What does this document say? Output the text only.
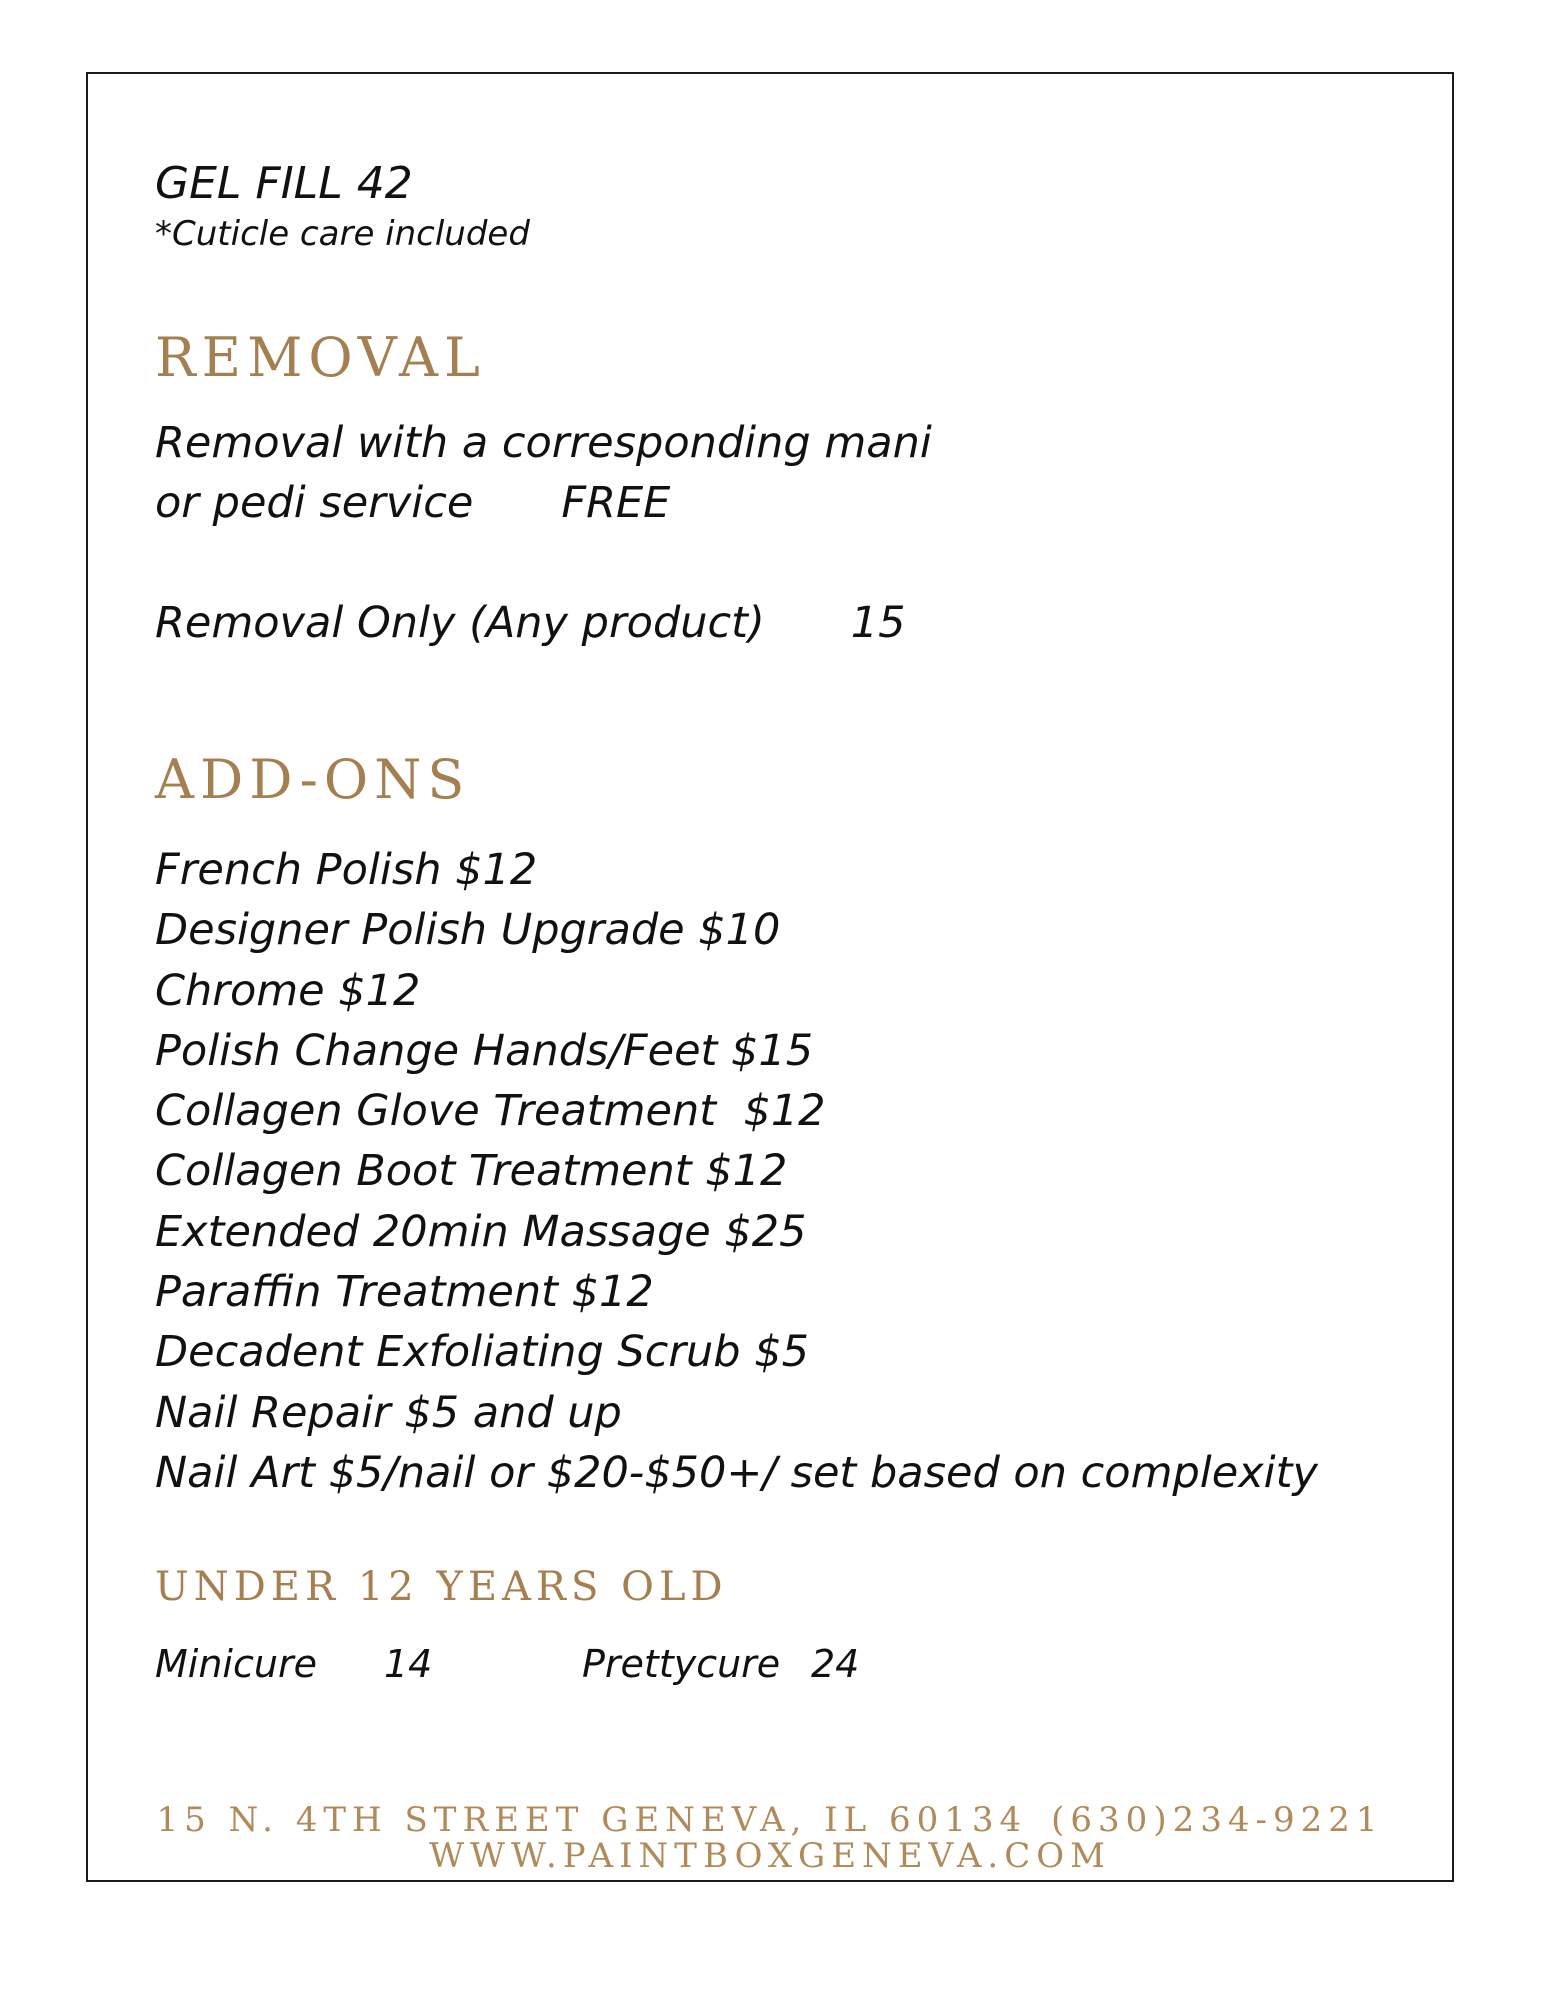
GEL FILL 42
*Cuticle care included
REMOVAL
Removal with a corresponding mani
or pedi service FREE
Removal Only (Any product) 15
ADD-ONS
French Polish $12
Designer Polish Upgrade $10
Chrome $12
Polish Change Hands/Feet $15
Collagen Glove Treatment  $12
Collagen Boot Treatment $12
Extended 20min Massage $25
Paraffin Treatment $12
Decadent Exfoliating Scrub $5
Nail Repair $5 and up
Nail Art $5/nail or $20-$50+/ set based on complexity
UNDER 12 YEARS OLD
Minicure 14	Prettycure 24
15 N. 4TH STREET GENEVA, IL 60134 (630)234-9221
WWW.PAINTBOXGENEVA.COM
